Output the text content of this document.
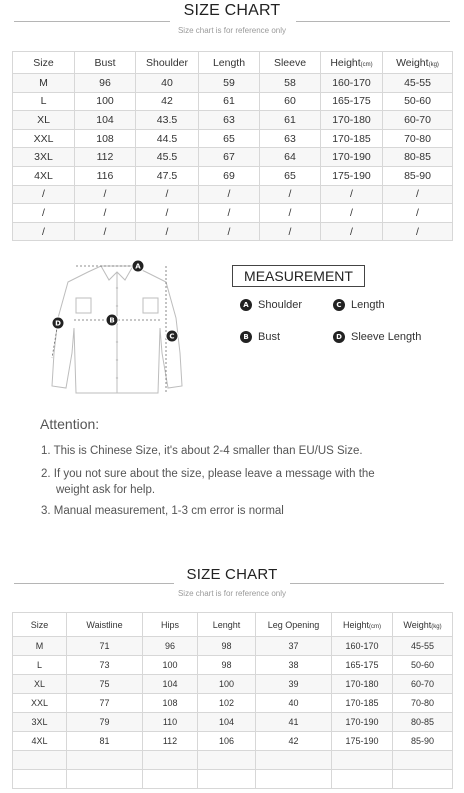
SIZE CHART
Size chart is for reference only
Size	Bust	Shoulder	Length	Sleeve	Height(cm)	Weight(kg)
M	96	40	59	58	160-170	45-55
L	100	42	61	60	165-175	50-60
XL	104	43.5	63	61	170-180	60-70
XXL	108	44.5	65	63	170-185	70-80
3XL	112	45.5	67	64	170-190	80-85
4XL	116	47.5	69	65	175-190	85-90
/	/	/	/	/	/	/
/	/	/	/	/	/	/
/	/	/	/	/	/	/
A
B
C
D
MEASUREMENT
A Shoulder	C Length
B Bust	D Sleeve Length
Attention:
1. This is Chinese Size, it's about 2-4 smaller than EU/US Size.
2. If you not sure about the size, please leave a message with the
weight ask for help.
3. Manual measurement, 1-3 cm error is normal
SIZE CHART
Size chart is for reference only
Size	Waistline	Hips	Lenght	Leg Opening	Height(cm)	Weight(kg)
M	71	96	98	37	160-170	45-55
L	73	100	98	38	165-175	50-60
XL	75	104	100	39	170-180	60-70
XXL	77	108	102	40	170-185	70-80
3XL	79	110	104	41	170-190	80-85
4XL	81	112	106	42	175-190	85-90
